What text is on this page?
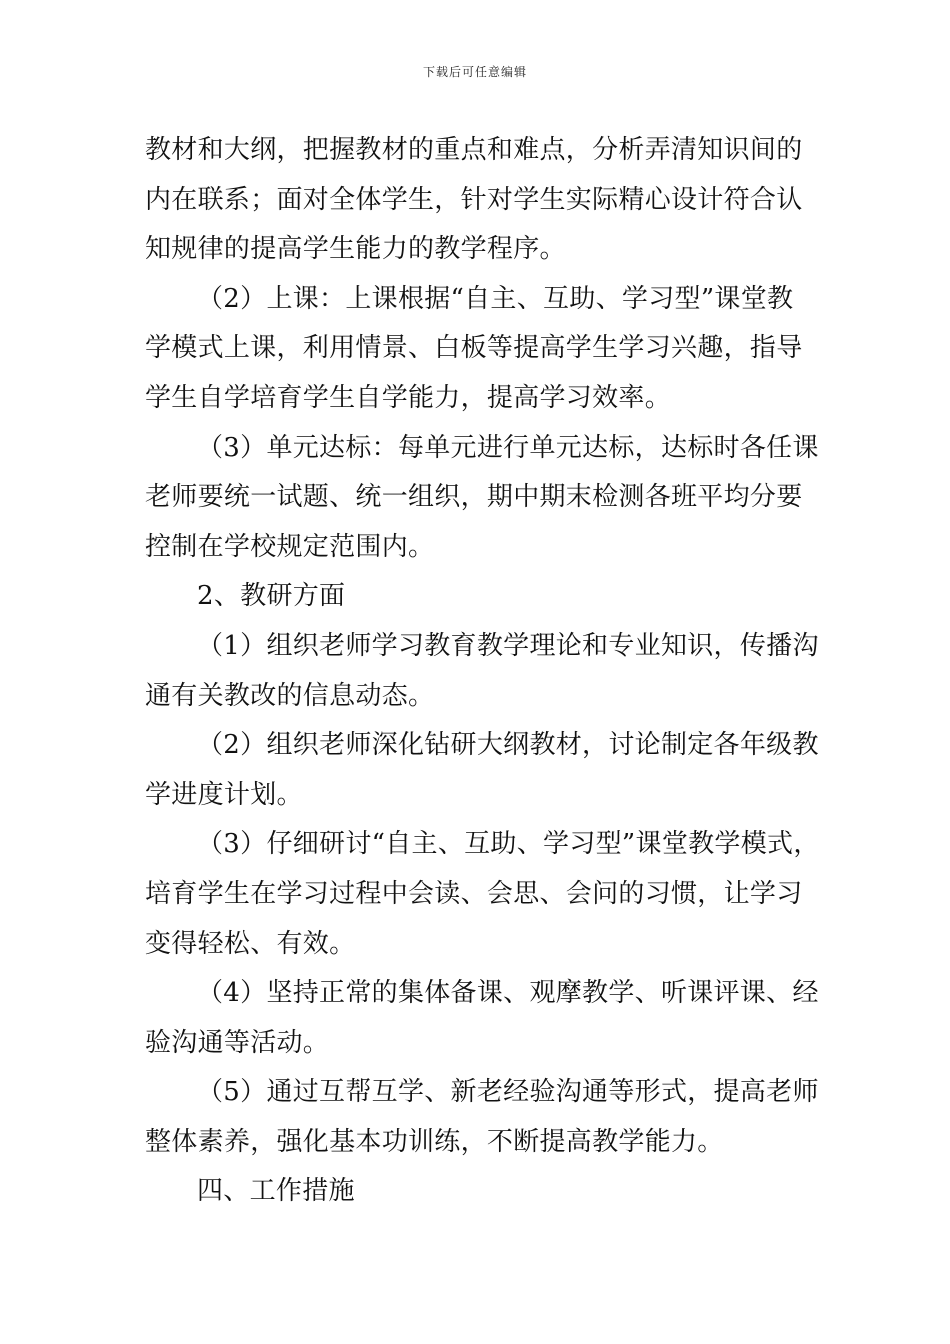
下载后可任意编辑
教材和大纲，把握教材的重点和难点，分析弄清知识间的
内在联系；面对全体学生，针对学生实际精心设计符合认
知规律的提高学生能力的教学程序。
（2）上课：上课根据“自主、互助、学习型”课堂教
学模式上课，利用情景、白板等提高学生学习兴趣，指导
学生自学培育学生自学能力，提高学习效率。
（3）单元达标：每单元进行单元达标，达标时各任课
老师要统一试题、统一组织，期中期末检测各班平均分要
控制在学校规定范围内。
2、教研方面
（1）组织老师学习教育教学理论和专业知识，传播沟
通有关教改的信息动态。
（2）组织老师深化钻研大纲教材，讨论制定各年级教
学进度计划。
（3）仔细研讨“自主、互助、学习型”课堂教学模式，
培育学生在学习过程中会读、会思、会问的习惯，让学习
变得轻松、有效。
（4）坚持正常的集体备课、观摩教学、听课评课、经
验沟通等活动。
（5）通过互帮互学、新老经验沟通等形式，提高老师
整体素养，强化基本功训练，不断提高教学能力。
四、工作措施
